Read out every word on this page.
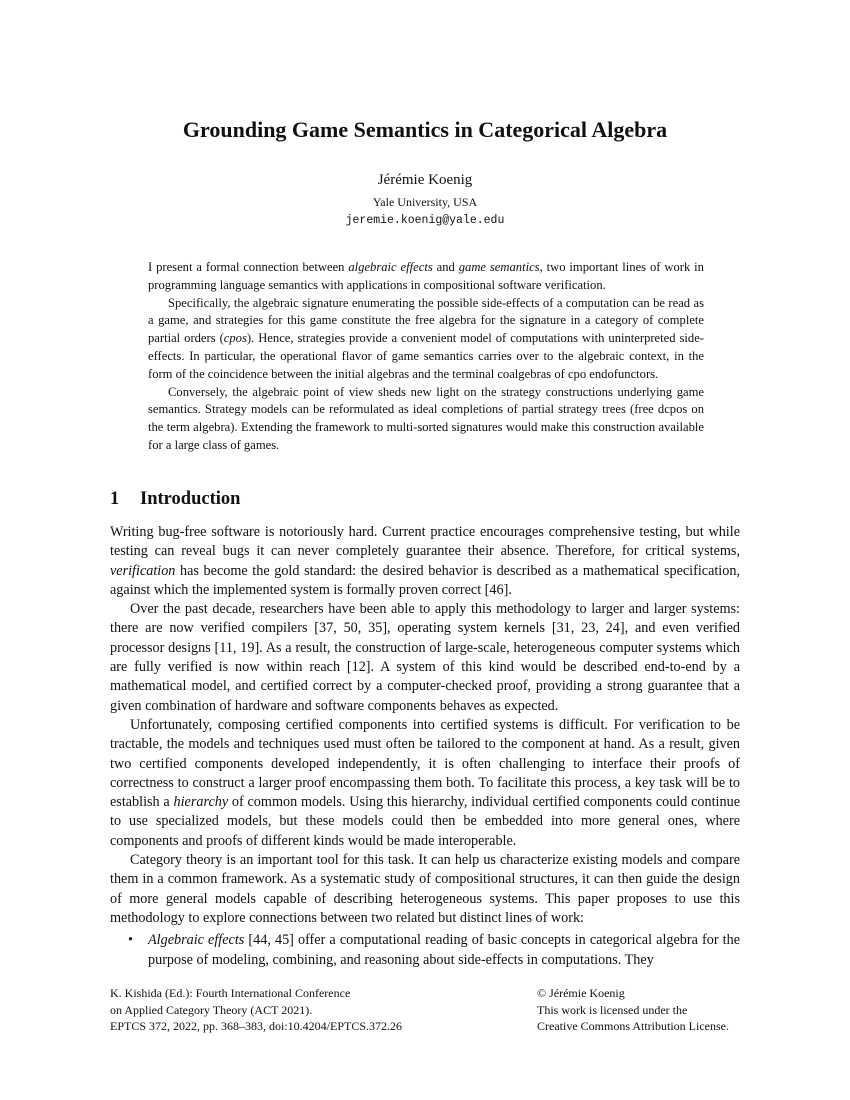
Grounding Game Semantics in Categorical Algebra
Jérémie Koenig
Yale University, USA
jeremie.koenig@yale.edu

I present a formal connection between algebraic effects and game semantics, two important lines of work in programming language semantics with applications in compositional software verification.

Specifically, the algebraic signature enumerating the possible side-effects of a computation can be read as a game, and strategies for this game constitute the free algebra for the signature in a category of complete partial orders (cpos). Hence, strategies provide a convenient model of computations with uninterpreted side-effects. In particular, the operational flavor of game semantics carries over to the algebraic context, in the form of the coincidence between the initial algebras and the terminal coalgebras of cpo endofunctors.

Conversely, the algebraic point of view sheds new light on the strategy constructions underlying game semantics. Strategy models can be reformulated as ideal completions of partial strategy trees (free dcpos on the term algebra). Extending the framework to multi-sorted signatures would make this construction available for a large class of games.

1 Introduction

Writing bug-free software is notoriously hard. Current practice encourages comprehensive testing, but while testing can reveal bugs it can never completely guarantee their absence. Therefore, for critical systems, verification has become the gold standard: the desired behavior is described as a mathematical specification, against which the implemented system is formally proven correct [46].

Over the past decade, researchers have been able to apply this methodology to larger and larger systems: there are now verified compilers [37, 50, 35], operating system kernels [31, 23, 24], and even verified processor designs [11, 19]. As a result, the construction of large-scale, heterogeneous computer systems which are fully verified is now within reach [12]. A system of this kind would be described end-to-end by a mathematical model, and certified correct by a computer-checked proof, providing a strong guarantee that a given combination of hardware and software components behaves as expected.

Unfortunately, composing certified components into certified systems is difficult. For verification to be tractable, the models and techniques used must often be tailored to the component at hand. As a result, given two certified components developed independently, it is often challenging to interface their proofs of correctness to construct a larger proof encompassing them both. To facilitate this process, a key task will be to establish a hierarchy of common models. Using this hierarchy, individual certified components could continue to use specialized models, but these models could then be embedded into more general ones, where components and proofs of different kinds would be made interoperable.

Category theory is an important tool for this task. It can help us characterize existing models and compare them in a common framework. As a systematic study of compositional structures, it can then guide the design of more general models capable of describing heterogeneous systems. This paper proposes to use this methodology to explore connections between two related but distinct lines of work:

• Algebraic effects [44, 45] offer a computational reading of basic concepts in categorical algebra for the purpose of modeling, combining, and reasoning about side-effects in computations. They
K. Kishida (Ed.): Fourth International Conference
on Applied Category Theory (ACT 2021).
EPTCS 372, 2022, pp. 368–383, doi:10.4204/EPTCS.372.26
© Jérémie Koenig
This work is licensed under the
Creative Commons Attribution License.
